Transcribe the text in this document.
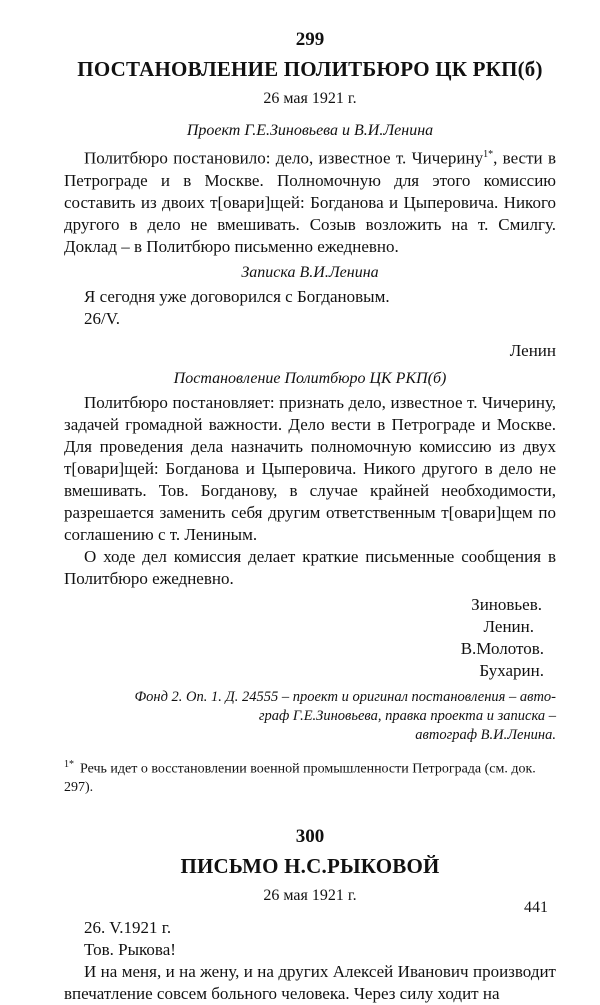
299
ПОСТАНОВЛЕНИЕ ПОЛИТБЮРО ЦК РКП(б)
26 мая 1921 г.
Проект Г.Е.Зиновьева и В.И.Ленина

Политбюро постановило: дело, известное т. Чичерину$^{1*}$, вести в Петрограде и в Москве. Полномочную для этого комиссию составить из двоих т[овари]щей: Богданова и Цыперовича. Никого другого в дело не вмешивать. Созыв возложить на т. Смилгу. Доклад – в Политбюро письменно ежедневно.

Записка В.И.Ленина

Я сегодня уже договорился с Богдановым.

26/V.

Ленин
Постановление Политбюро ЦК РКП(б)

Политбюро постановляет: признать дело, известное т. Чичерину, задачей громадной важности. Дело вести в Петрограде и Москве. Для проведения дела назначить полномочную комиссию из двух т[овари]щей: Богданова и Цыперовича. Никого другого в дело не вмешивать. Тов. Богданову, в случае крайней необходимости, разрешается заменить себя другим ответственным т[овари]щем по соглашению с т. Лениным.

О ходе дел комиссия делает краткие письменные сообщения в Политбюро ежедневно.

Зиновьев.
Ленин.
В.Молотов.
Бухарин.
Фонд 2. Оп. 1. Д. 24555 – проект и оригинал постановления – авто-
граф Г.Е.Зиновьева, правка проекта и записка –
автограф В.И.Ленина.

$^{1*}$ Речь идет о восстановлении военной промышленности Петрограда (см. док. 297).

300
ПИСЬМО Н.С.РЫКОВОЙ
26 мая 1921 г.

26. V.1921 г.

Тов. Рыкова!

И на меня, и на жену, и на других Алексей Иванович производит впечатление совсем больного человека. Через силу ходит на

441
